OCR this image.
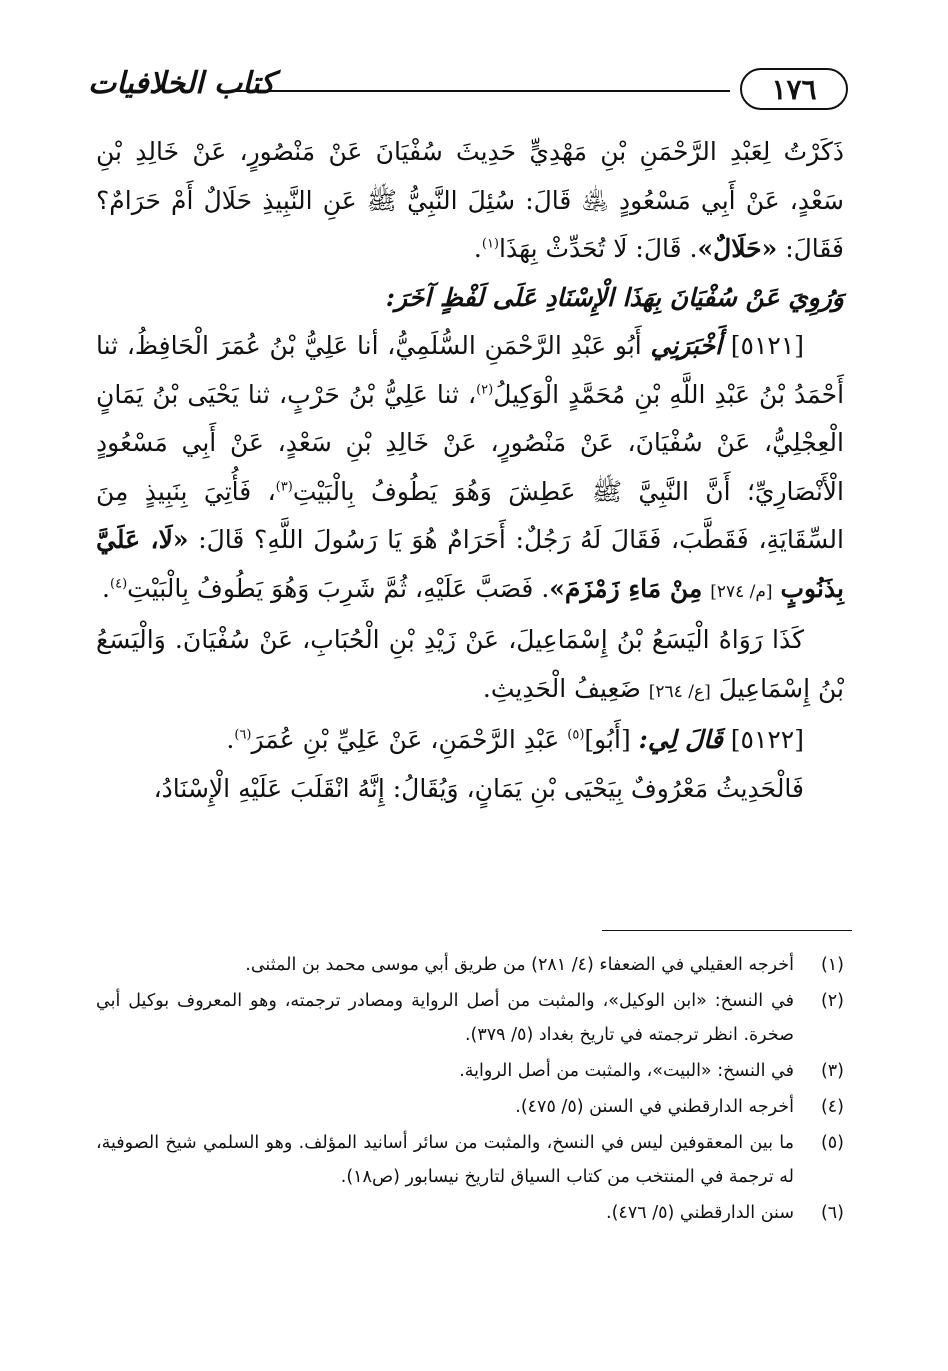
١٧٦
كتاب الخلافيات

ذَكَرْتُ لِعَبْدِ الرَّحْمَنِ بْنِ مَهْدِيٍّ حَدِيثَ سُفْيَانَ عَنْ مَنْصُورٍ، عَنْ خَالِدِ بْنِ سَعْدٍ، عَنْ أَبِي مَسْعُودٍ ﵁ قَالَ: سُئِلَ النَّبِيُّ ﷺ عَنِ النَّبِيذِ حَلَالٌ أَمْ حَرَامٌ؟ فَقَالَ: «حَلَالٌ». قَالَ: لَا تُحَدِّثْ بِهَذَا$^{(١)}$.

وَرُوِيَ عَنْ سُفْيَانَ بِهَذَا الْإِسْنَادِ عَلَى لَفْظٍ آخَرَ:

[٥١٢١] أَخْبَرَنِي أَبُو عَبْدِ الرَّحْمَنِ السُّلَمِيُّ، أنا عَلِيُّ بْنُ عُمَرَ الْحَافِظُ، ثنا أَحْمَدُ بْنُ عَبْدِ اللَّهِ بْنِ مُحَمَّدٍ الْوَكِيلُ$^{(٢)}$، ثنا عَلِيُّ بْنُ حَرْبٍ، ثنا يَحْيَى بْنُ يَمَانٍ الْعِجْلِيُّ، عَنْ سُفْيَانَ، عَنْ مَنْصُورٍ، عَنْ خَالِدِ بْنِ سَعْدٍ، عَنْ أَبِي مَسْعُودٍ الْأَنْصَارِيِّ؛ أَنَّ النَّبِيَّ ﷺ عَطِشَ وَهُوَ يَطُوفُ بِالْبَيْتِ$^{(٣)}$، فَأُتِيَ بِنَبِيذٍ مِنَ السِّقَايَةِ، فَقَطَّبَ، فَقَالَ لَهُ رَجُلٌ: أَحَرَامٌ هُوَ يَا رَسُولَ اللَّهِ؟ قَالَ: «لَا، عَلَيَّ بِذَنُوبٍ [م/ ٢٧٤] مِنْ مَاءِ زَمْزَمَ». فَصَبَّ عَلَيْهِ، ثُمَّ شَرِبَ وَهُوَ يَطُوفُ بِالْبَيْتِ$^{(٤)}$.

كَذَا رَوَاهُ الْيَسَعُ بْنُ إِسْمَاعِيلَ، عَنْ زَيْدِ بْنِ الْحُبَابِ، عَنْ سُفْيَانَ. وَالْيَسَعُ بْنُ إِسْمَاعِيلَ [ع/ ٢٦٤] ضَعِيفُ الْحَدِيثِ.

[٥١٢٢] قَالَ لِي: [أَبُو]$^{(٥)}$ عَبْدِ الرَّحْمَنِ، عَنْ عَلِيِّ بْنِ عُمَرَ$^{(٦)}$.

فَالْحَدِيثُ مَعْرُوفٌ بِيَحْيَى بْنِ يَمَانٍ، وَيُقَالُ: إِنَّهُ انْقَلَبَ عَلَيْهِ الْإِسْنَادُ،

(١)
أخرجه العقيلي في الضعفاء (٤/ ٢٨١) من طريق أبي موسى محمد بن المثنى.
(٢)
في النسخ: «ابن الوكيل»، والمثبت من أصل الرواية ومصادر ترجمته، وهو المعروف بوكيل أبي صخرة. انظر ترجمته في تاريخ بغداد (٥/ ٣٧٩).
(٣)
في النسخ: «البيت»، والمثبت من أصل الرواية.
(٤)
أخرجه الدارقطني في السنن (٥/ ٤٧٥).
(٥)
ما بين المعقوفين ليس في النسخ، والمثبت من سائر أسانيد المؤلف. وهو السلمي شيخ الصوفية، له ترجمة في المنتخب من كتاب السياق لتاريخ نيسابور (ص١٨).
(٦)
سنن الدارقطني (٥/ ٤٧٦).
